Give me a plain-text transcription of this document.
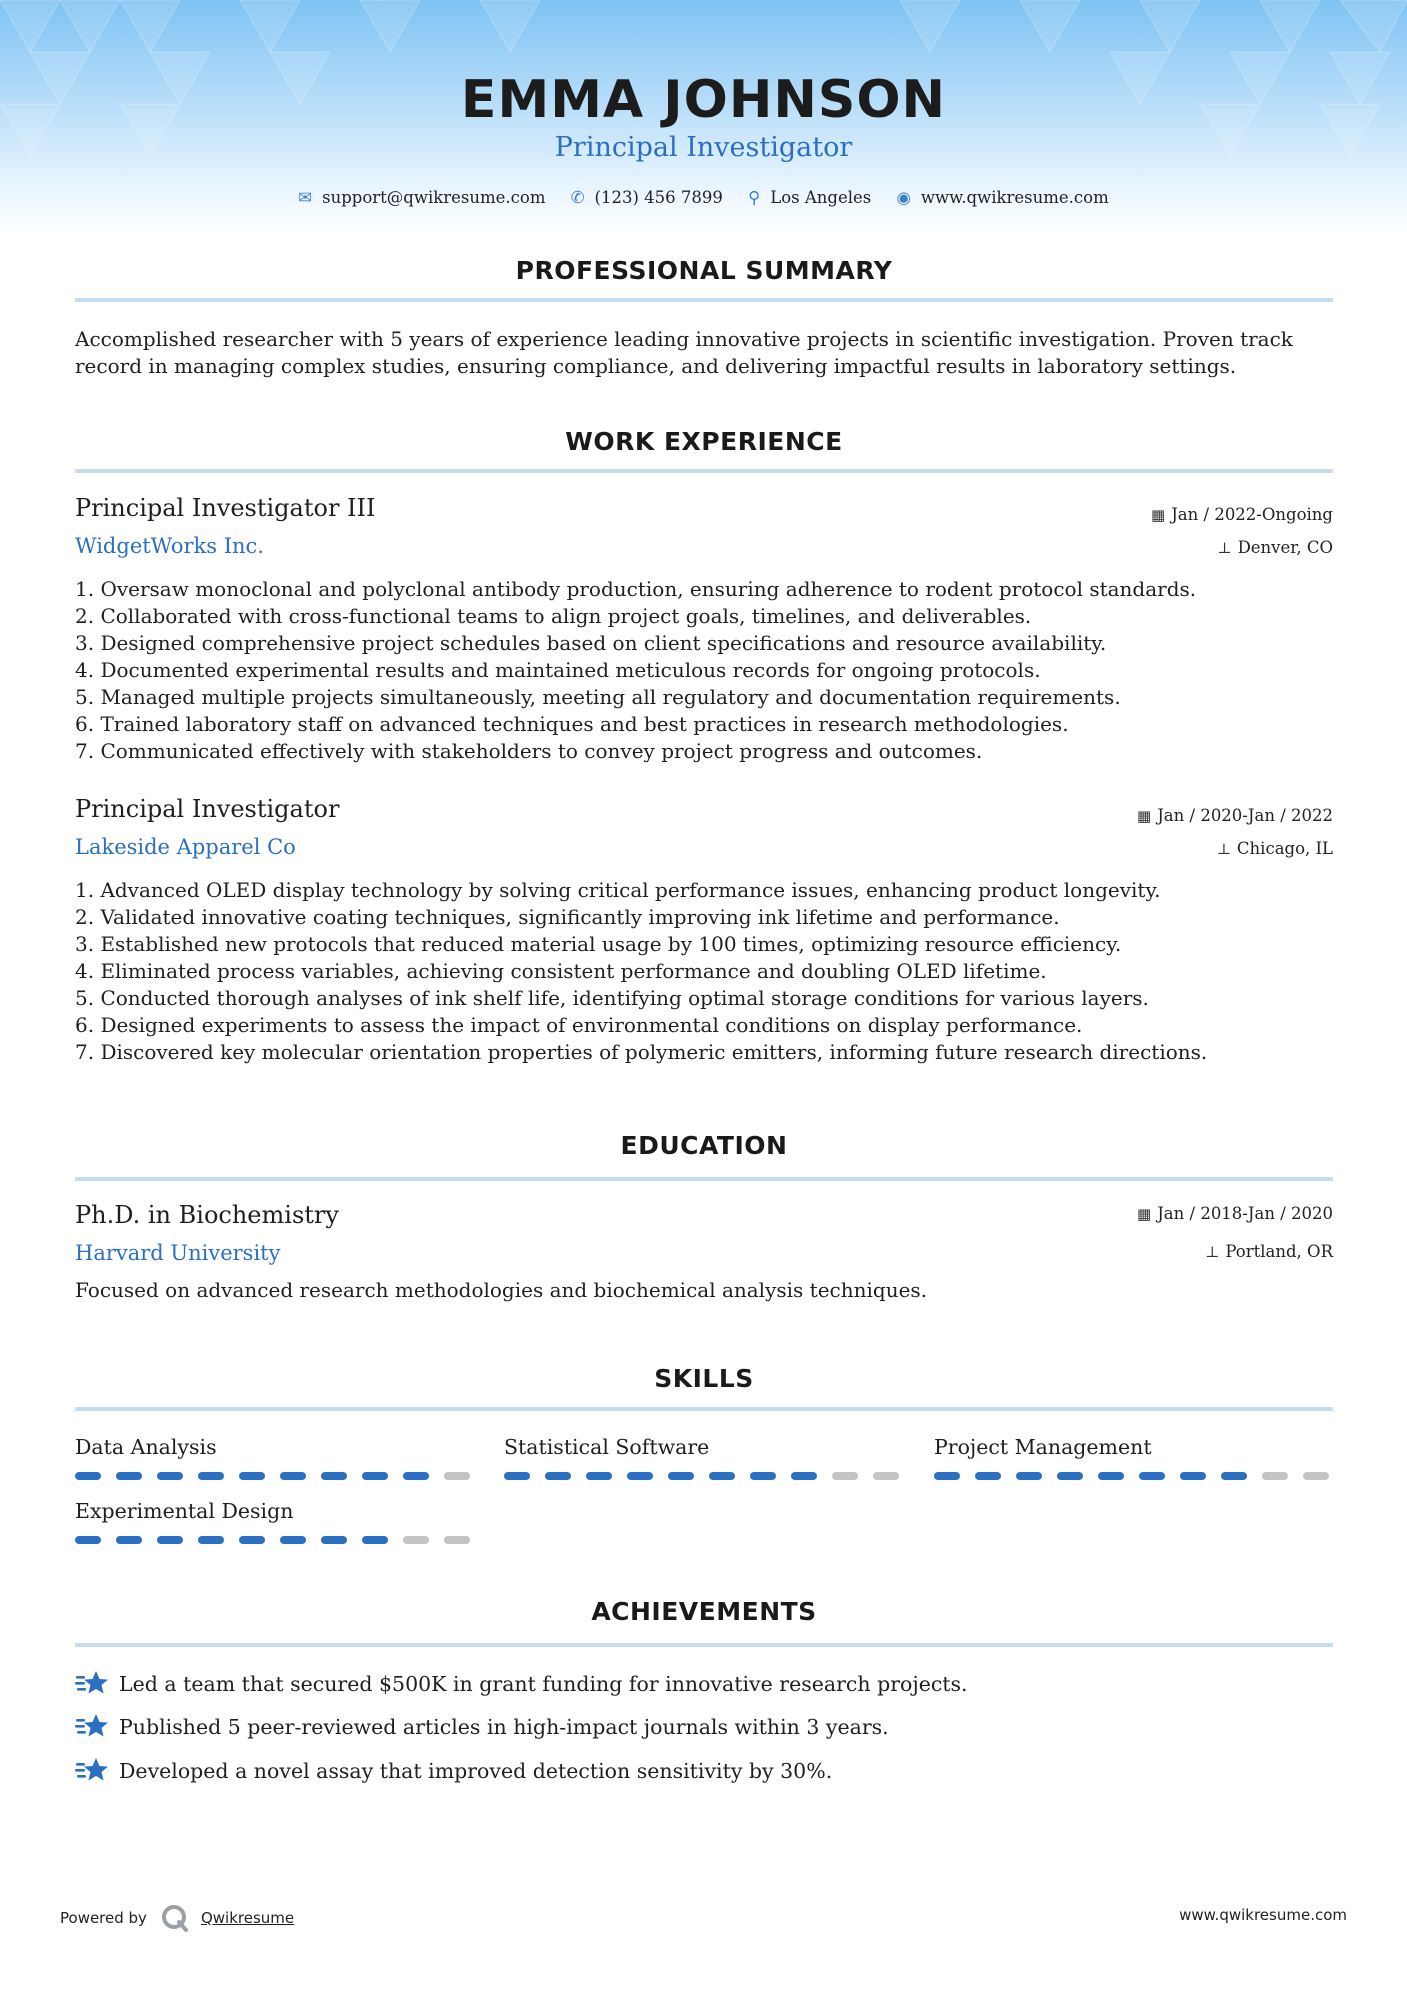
EMMA JOHNSON
Principal Investigator
✉ support@qwikresume.com ✆ (123) 456 7899 ⚲ Los Angeles ◉ www.qwikresume.com
PROFESSIONAL SUMMARY
Accomplished researcher with 5 years of experience leading innovative projects in scientific investigation. Proven track
record in managing complex studies, ensuring compliance, and delivering impactful results in laboratory settings.
WORK EXPERIENCE
Principal Investigator III	▦ Jan / 2022-Ongoing
WidgetWorks Inc.	⊥ Denver, CO
1. Oversaw monoclonal and polyclonal antibody production, ensuring adherence to rodent protocol standards.
2. Collaborated with cross-functional teams to align project goals, timelines, and deliverables.
3. Designed comprehensive project schedules based on client specifications and resource availability.
4. Documented experimental results and maintained meticulous records for ongoing protocols.
5. Managed multiple projects simultaneously, meeting all regulatory and documentation requirements.
6. Trained laboratory staff on advanced techniques and best practices in research methodologies.
7. Communicated effectively with stakeholders to convey project progress and outcomes.
Principal Investigator	▦ Jan / 2020-Jan / 2022
Lakeside Apparel Co	⊥ Chicago, IL
1. Advanced OLED display technology by solving critical performance issues, enhancing product longevity.
2. Validated innovative coating techniques, significantly improving ink lifetime and performance.
3. Established new protocols that reduced material usage by 100 times, optimizing resource efficiency.
4. Eliminated process variables, achieving consistent performance and doubling OLED lifetime.
5. Conducted thorough analyses of ink shelf life, identifying optimal storage conditions for various layers.
6. Designed experiments to assess the impact of environmental conditions on display performance.
7. Discovered key molecular orientation properties of polymeric emitters, informing future research directions.
EDUCATION
Ph.D. in Biochemistry	▦ Jan / 2018-Jan / 2020
Harvard University	⊥ Portland, OR
Focused on advanced research methodologies and biochemical analysis techniques.
SKILLS
Data Analysis	Statistical Software	Project Management
Experimental Design
ACHIEVEMENTS
Led a team that secured $500K in grant funding for innovative research projects.
Published 5 peer-reviewed articles in high-impact journals within 3 years.
Developed a novel assay that improved detection sensitivity by 30%.
Powered by	Qwikresume	www.qwikresume.com
